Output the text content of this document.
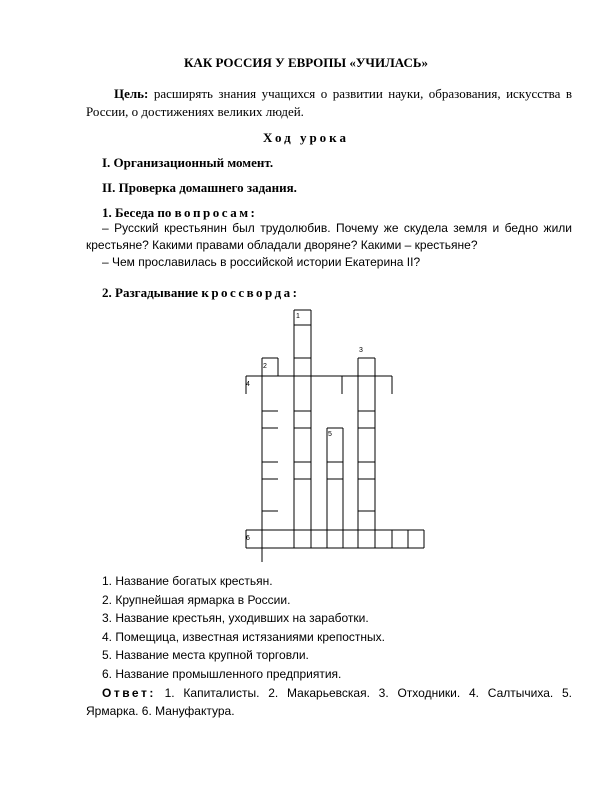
КАК РОССИЯ У ЕВРОПЫ «УЧИЛАСЬ»
Цель: расширять знания учащихся о развитии науки, образования, искусства в России, о достижениях великих людей.
Ход урока
I. Организационный момент.
II. Проверка домашнего задания.
1. Беседа по вопросам:

– Русский крестьянин был трудолюбив. Почему же скудела земля и бедно жили крестьяне? Какими правами обладали дворяне? Какими – крестьяне?

– Чем прославилась в российской истории Екатерина II?

2. Разгадывание кроссворда:
1
3
2
4
5
6
1. Название богатых крестьян.
2. Крупнейшая ярмарка в России.
3. Название крестьян, уходивших на заработки.
4. Помещица, известная истязаниями крепостных.
5. Название места крупной торговли.
6. Название промышленного предприятия.
Ответ: 1. Капиталисты. 2. Макарьевская. 3. Отходники. 4. Салтычиха. 5. Ярмарка. 6. Мануфактура.
